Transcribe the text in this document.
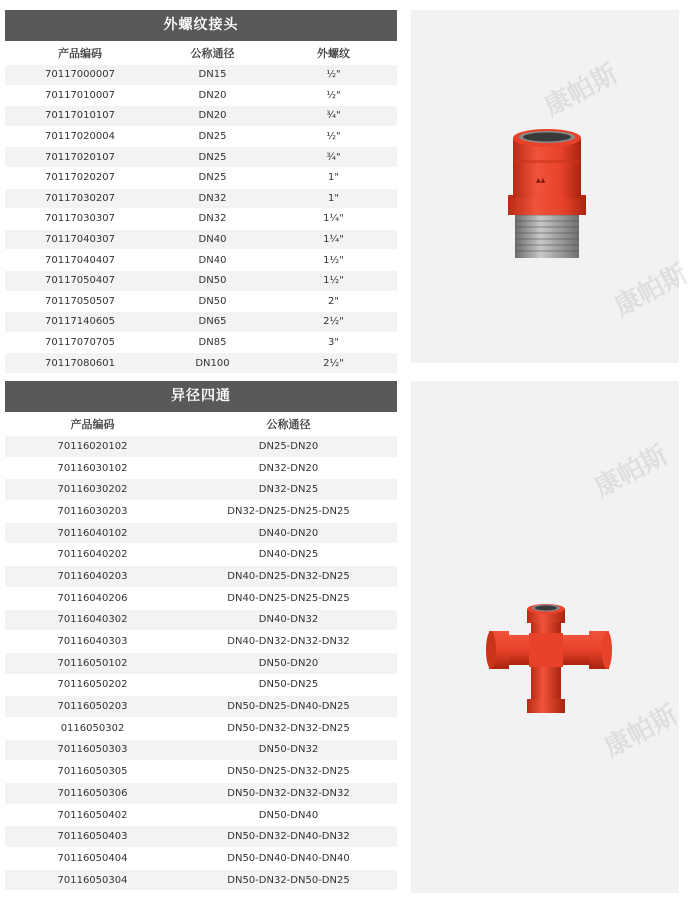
外螺纹接头
产品编码	公称通径	外螺纹
70117000007	DN15	½"
70117010007	DN20	½"
70117010107	DN20	¾"
70117020004	DN25	½"
70117020107	DN25	¾"
70117020207	DN25	1"
70117030207	DN32	1"
70117030307	DN32	1¼"
70117040307	DN40	1¼"
70117040407	DN40	1½"
70117050407	DN50	1½"
70117050507	DN50	2"
70117140605	DN65	2½"
70117070705	DN85	3"
70117080601	DN100	2½"
康帕斯
康帕斯
▲▲
异径四通
产品编码	公称通径
70116020102	DN25-DN20
70116030102	DN32-DN20
70116030202	DN32-DN25
70116030203	DN32-DN25-DN25-DN25
70116040102	DN40-DN20
70116040202	DN40-DN25
70116040203	DN40-DN25-DN32-DN25
70116040206	DN40-DN25-DN25-DN25
70116040302	DN40-DN32
70116040303	DN40-DN32-DN32-DN32
70116050102	DN50-DN20
70116050202	DN50-DN25
70116050203	DN50-DN25-DN40-DN25
0116050302	DN50-DN32-DN32-DN25
70116050303	DN50-DN32
70116050305	DN50-DN25-DN32-DN25
70116050306	DN50-DN32-DN32-DN32
70116050402	DN50-DN40
70116050403	DN50-DN32-DN40-DN32
70116050404	DN50-DN40-DN40-DN40
70116050304	DN50-DN32-DN50-DN25
康帕斯
康帕斯
